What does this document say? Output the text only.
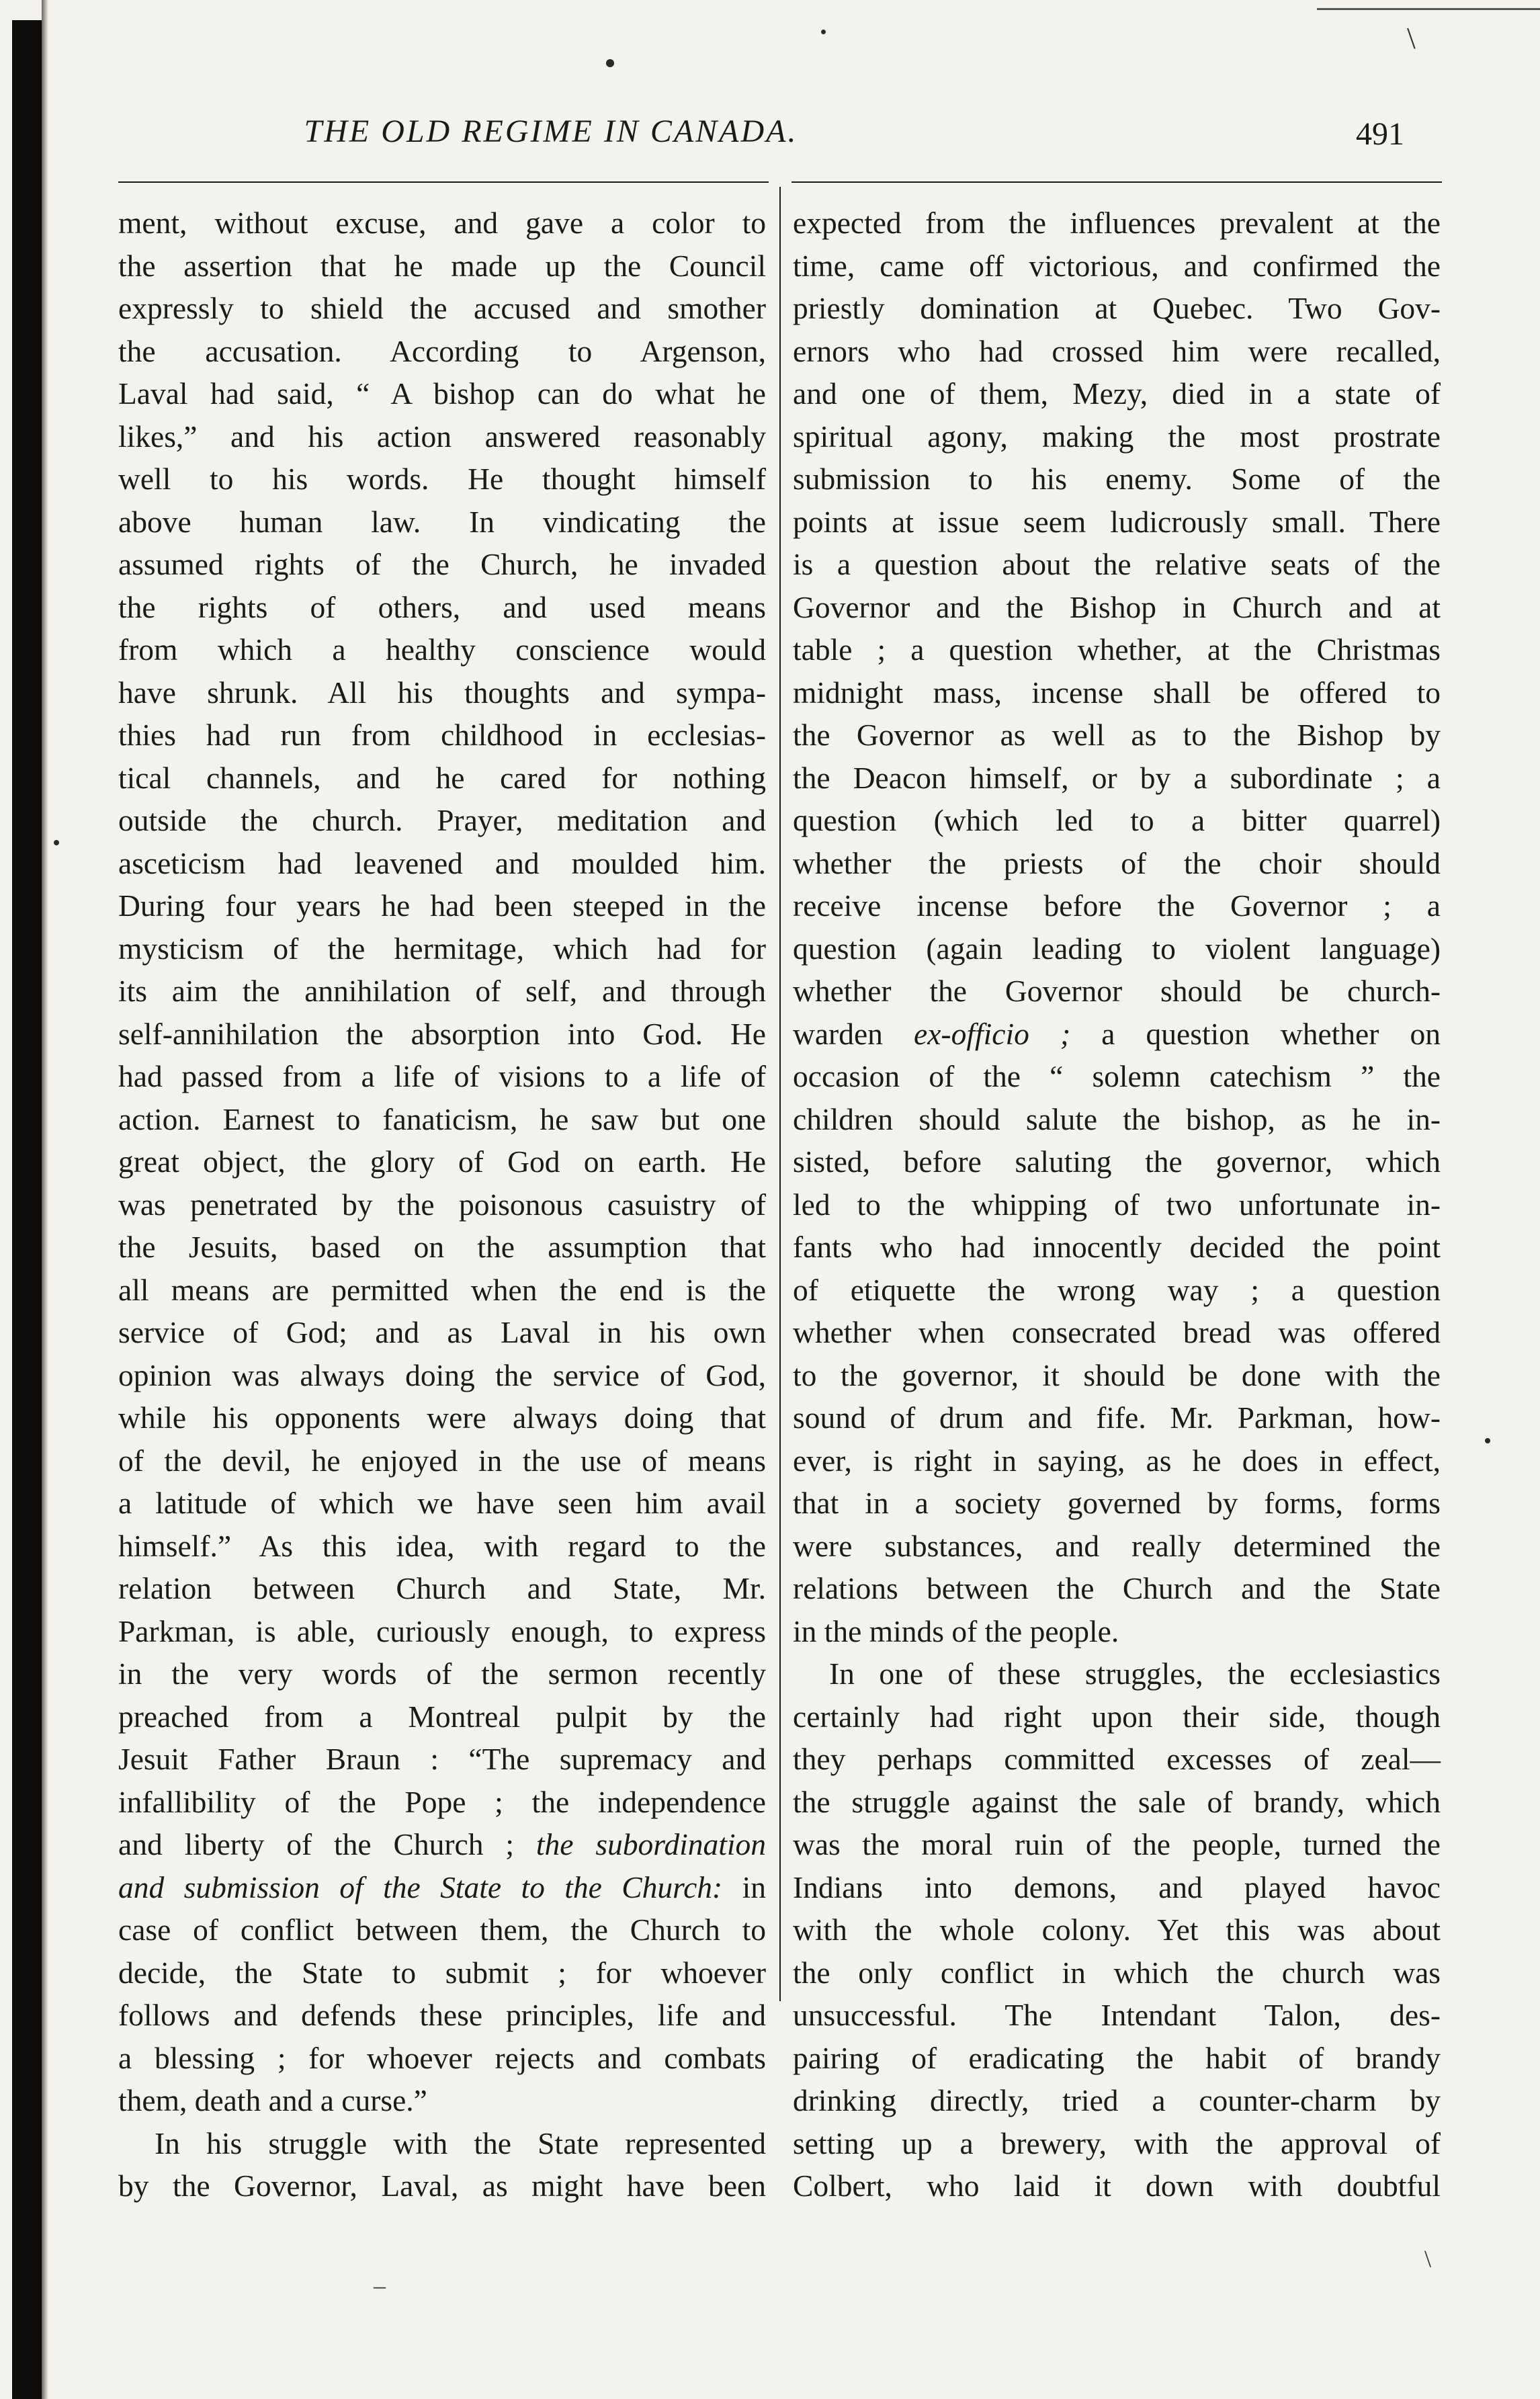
\
\
–
THE OLD REGIME IN CANADA.	491
ment, without excuse, and gave a color to
the assertion that he made up the Council
expressly to shield the accused and smother
the accusation. According to Argenson,
Laval had said, “ A bishop can do what he
likes,” and his action answered reasonably
well to his words. He thought himself
above human law. In vindicating the
assumed rights of the Church, he invaded
the rights of others, and used means
from which a healthy conscience would
have shrunk. All his thoughts and sympa-
thies had run from childhood in ecclesias-
tical channels, and he cared for nothing
outside the church. Prayer, meditation and
asceticism had leavened and moulded him.
During four years he had been steeped in the
mysticism of the hermitage, which had for
its aim the annihilation of self, and through
self-annihilation the absorption into God. He
had passed from a life of visions to a life of
action. Earnest to fanaticism, he saw but one
great object, the glory of God on earth. He
was penetrated by the poisonous casuistry of
the Jesuits, based on the assumption that
all means are permitted when the end is the
service of God; and as Laval in his own
opinion was always doing the service of God,
while his opponents were always doing that
of the devil, he enjoyed in the use of means
a latitude of which we have seen him avail
himself.” As this idea, with regard to the
relation between Church and State, Mr.
Parkman, is able, curiously enough, to express
in the very words of the sermon recently
preached from a Montreal pulpit by the
Jesuit Father Braun : “The supremacy and
infallibility of the Pope ; the independence
and liberty of the Church ; the subordination
and submission of the State to the Church: in
case of conflict between them, the Church to
decide, the State to submit ; for whoever
follows and defends these principles, life and
a blessing ; for whoever rejects and combats
them, death and a curse.”
In his struggle with the State represented
by the Governor, Laval, as might have been
expected from the influences prevalent at the
time, came off victorious, and confirmed the
priestly domination at Quebec. Two Gov-
ernors who had crossed him were recalled,
and one of them, Mezy, died in a state of
spiritual agony, making the most prostrate
submission to his enemy. Some of the
points at issue seem ludicrously small. There
is a question about the relative seats of the
Governor and the Bishop in Church and at
table ; a question whether, at the Christmas
midnight mass, incense shall be offered to
the Governor as well as to the Bishop by
the Deacon himself, or by a subordinate ; a
question (which led to a bitter quarrel)
whether the priests of the choir should
receive incense before the Governor ; a
question (again leading to violent language)
whether the Governor should be church-
warden ex-officio ; a question whether on
occasion of the “ solemn catechism ” the
children should salute the bishop, as he in-
sisted, before saluting the governor, which
led to the whipping of two unfortunate in-
fants who had innocently decided the point
of etiquette the wrong way ; a question
whether when consecrated bread was offered
to the governor, it should be done with the
sound of drum and fife. Mr. Parkman, how-
ever, is right in saying, as he does in effect,
that in a society governed by forms, forms
were substances, and really determined the
relations between the Church and the State
in the minds of the people.
In one of these struggles, the ecclesiastics
certainly had right upon their side, though
they perhaps committed excesses of zeal—
the struggle against the sale of brandy, which
was the moral ruin of the people, turned the
Indians into demons, and played havoc
with the whole colony. Yet this was about
the only conflict in which the church was
unsuccessful. The Intendant Talon, des-
pairing of eradicating the habit of brandy
drinking directly, tried a counter-charm by
setting up a brewery, with the approval of
Colbert, who laid it down with doubtful
